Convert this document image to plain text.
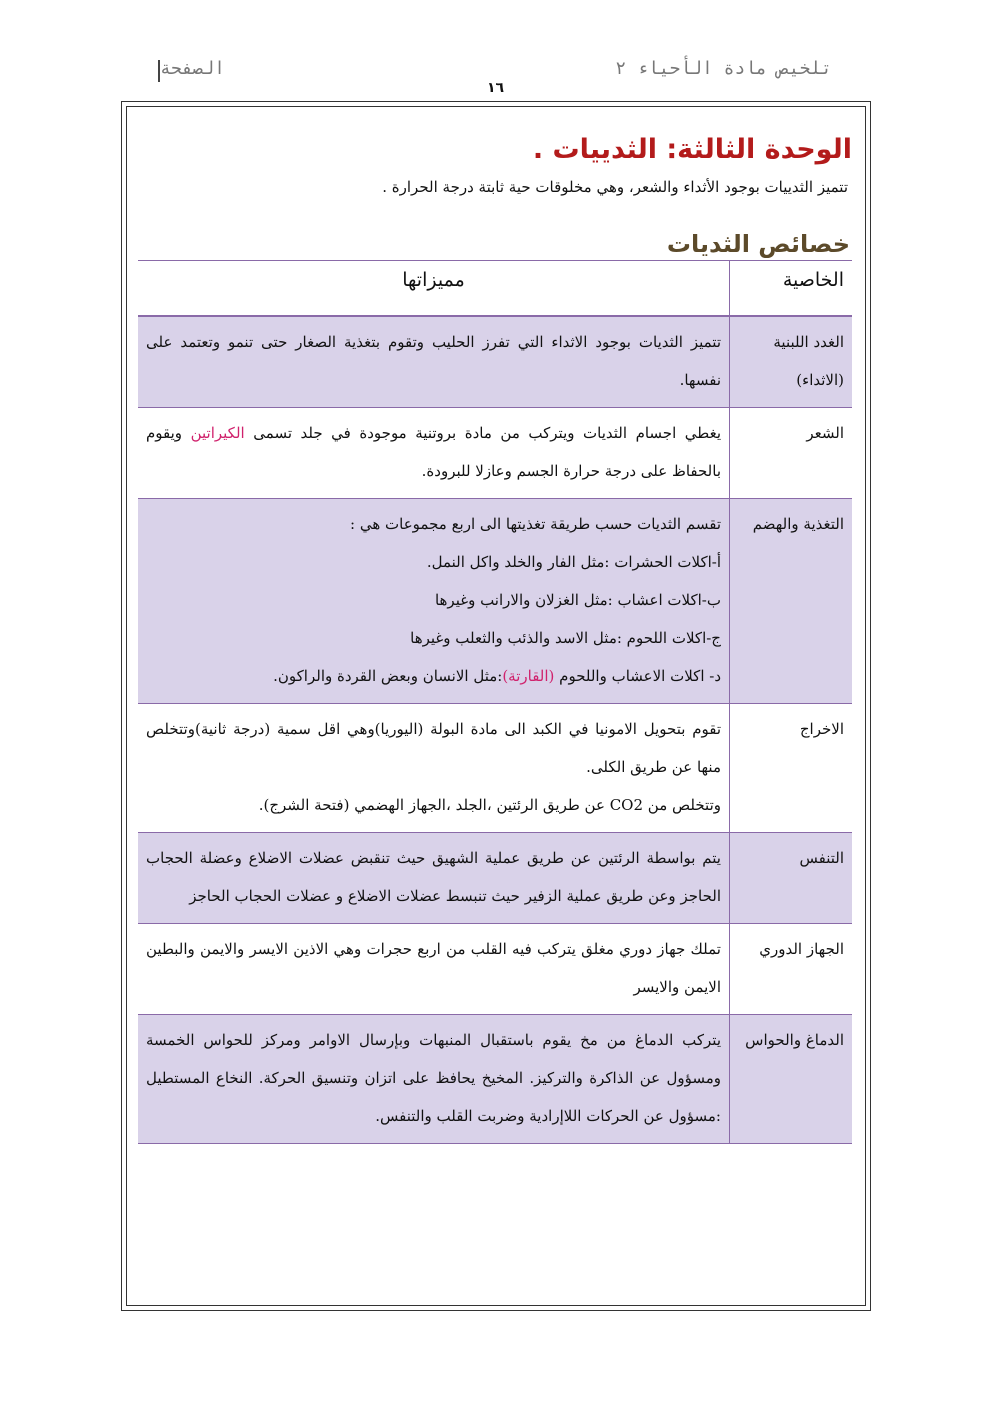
تلخيص مادة الأحياء ٢
الصفحة
١٦
الوحدة الثالثة: الثدييات .

تتميز الثدييات بوجود الأثداء والشعر، وهي مخلوقات حية ثابتة درجة الحرارة .

خصائص الثديات
الخاصية	مميزاتها

الغدد اللبنية (الاثداء)	تتميز الثديات بوجود الاثداء التي تفرز الحليب وتقوم بتغذية الصغار حتى تنمو وتعتمد على نفسها.
الشعر	يغطي اجسام الثديات ويتركب من مادة بروتنية موجودة في جلد تسمى الكيراتين ويقوم بالحفاظ على درجة حرارة الجسم وعازلا للبرودة.
التغذية والهضم	تقسم الثديات حسب طريقة تغذيتها الى اربع مجموعات هي :
أ-اكلات الحشرات :مثل الفار والخلد واكل النمل.
ب-اكلات اعشاب :مثل الغزلان والارانب وغيرها
ج-اكلات اللحوم :مثل الاسد والذئب والثعلب وغيرها
د- اكلات الاعشاب واللحوم (القارتة):مثل الانسان وبعض القردة والراكون.

الاخراج	تقوم بتحويل الامونيا في الكبد الى مادة البولة (اليوريا)وهي اقل سمية (درجة ثانية)وتتخلص منها عن طريق الكلى.
وتتخلص من CO2 عن طريق الرئتين ،الجلد ،الجهاز الهضمي (فتحة الشرج).

التنفس	يتم بواسطة الرئتين عن طريق عملية الشهيق حيث تنقبض عضلات الاضلاع وعضلة الحجاب الحاجز وعن طريق عملية الزفير حيث تنبسط عضلات الاضلاع و عضلات الحجاب الحاجز
الجهاز الدوري	تملك جهاز دوري مغلق يتركب فيه القلب من اربع حجرات وهي الاذين الايسر والايمن والبطين الايمن والايسر
الدماغ والحواس	يتركب الدماغ من مخ يقوم باستقبال المنبهات وبإرسال الاوامر ومركز للحواس الخمسة ومسؤول عن الذاكرة والتركيز. المخيخ يحافظ على اتزان وتنسيق الحركة. النخاع المستطيل :مسؤول عن الحركات اللاإرادية وضربت القلب والتنفس.
